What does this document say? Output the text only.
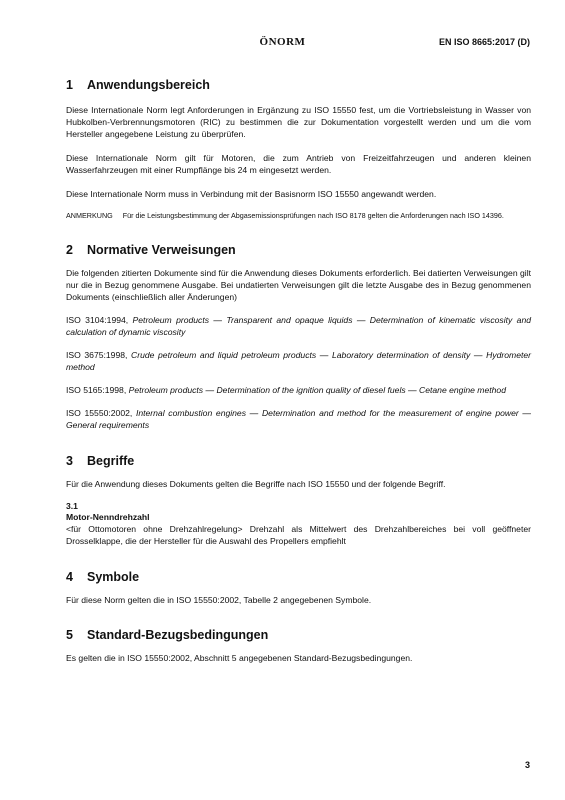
ÖNORM	EN ISO 8665:2017 (D)
1	Anwendungsbereich

Diese Internationale Norm legt Anforderungen in Ergänzung zu ISO 15550 fest, um die Vortriebsleistung in Wasser von Hubkolben-Verbrennungsmotoren (RIC) zu bestimmen die zur Dokumentation vorgestellt werden und um die vom Hersteller angegebene Leistung zu überprüfen.

Diese Internationale Norm gilt für Motoren, die zum Antrieb von Freizeitfahrzeugen und anderen kleinen Wasserfahrzeugen mit einer Rumpflänge bis 24 m eingesetzt werden.

Diese Internationale Norm muss in Verbindung mit der Basisnorm ISO 15550 angewandt werden.

ANMERKUNG Für die Leistungsbestimmung der Abgasemissionsprüfungen nach ISO 8178 gelten die Anforderungen nach ISO 14396.

2	Normative Verweisungen

Die folgenden zitierten Dokumente sind für die Anwendung dieses Dokuments erforderlich. Bei datierten Verweisungen gilt nur die in Bezug genommene Ausgabe. Bei undatierten Verweisungen gilt die letzte Ausgabe des in Bezug genommenen Dokuments (einschließlich aller Änderungen)

ISO 3104:1994, Petroleum products — Transparent and opaque liquids — Determination of kinematic viscosity and calculation of dynamic viscosity

ISO 3675:1998, Crude petroleum and liquid petroleum products — Laboratory determination of density — Hydrometer method

ISO 5165:1998, Petroleum products — Determination of the ignition quality of diesel fuels — Cetane engine method

ISO 15550:2002, Internal combustion engines — Determination and method for the measurement of engine power — General requirements

3	Begriffe

Für die Anwendung dieses Dokuments gelten die Begriffe nach ISO 15550 und der folgende Begriff.

3.1
Motor-Nenndrehzahl

<für Ottomotoren ohne Drehzahlregelung> Drehzahl als Mittelwert des Drehzahlbereiches bei voll geöffneter Drosselklappe, die der Hersteller für die Auswahl des Propellers empfiehlt

4	Symbole

Für diese Norm gelten die in ISO 15550:2002, Tabelle 2 angegebenen Symbole.

5	Standard-Bezugsbedingungen

Es gelten die in ISO 15550:2002, Abschnitt 5 angegebenen Standard-Bezugsbedingungen.

3
